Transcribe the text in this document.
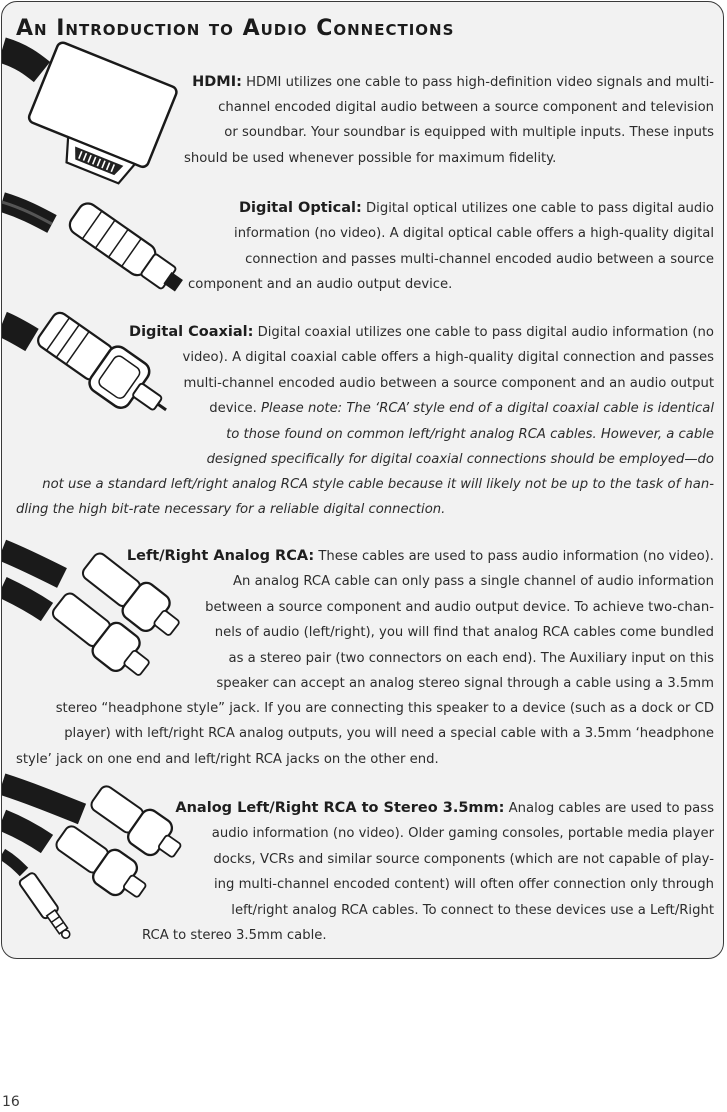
An Introduction to Audio Connections

HDMI: HDMI utilizes one cable to pass high-definition video signals and multi-

channel encoded digital audio between a source component and television
or soundbar. Your soundbar is equipped with multiple inputs. These inputs
should be used whenever possible for maximum fidelity.

Digital Optical: Digital optical utilizes one cable to pass digital audio
information (no video). A digital optical cable offers a high-quality digital
connection and passes multi-channel encoded audio between a source
component and an audio output device.

Digital Coaxial: Digital coaxial utilizes one cable to pass digital audio information (no
video). A digital coaxial cable offers a high-quality digital connection and passes
multi-channel encoded audio between a source component and an audio output
device. Please note: The ‘RCA’ style end of a digital coaxial cable is identical
to those found on common left/right analog RCA cables. However, a cable
designed specifically for digital coaxial connections should be employed—do

not use a standard left/right analog RCA style cable because it will likely not be up to the task of han-
dling the high bit-rate necessary for a reliable digital connection.

Left/Right Analog RCA: These cables are used to pass audio information (no video).
An analog RCA cable can only pass a single channel of audio information
between a source component and audio output device. To achieve two-chan-
nels of audio (left/right), you will find that analog RCA cables come bundled
as a stereo pair (two connectors on each end). The Auxiliary input on this
speaker can accept an analog stereo signal through a cable using a 3.5mm

stereo “headphone style” jack. If you are connecting this speaker to a device (such as a dock or CD
player) with left/right RCA analog outputs, you will need a special cable with a 3.5mm ‘headphone
style’ jack on one end and left/right RCA jacks on the other end.

Analog Left/Right RCA to Stereo 3.5mm: Analog cables are used to pass
audio information (no video). Older gaming consoles, portable media player
docks, VCRs and similar source components (which are not capable of play-
ing multi-channel encoded content) will often offer connection only through
left/right analog RCA cables. To connect to these devices use a Left/Right
RCA to stereo 3.5mm cable.

16
